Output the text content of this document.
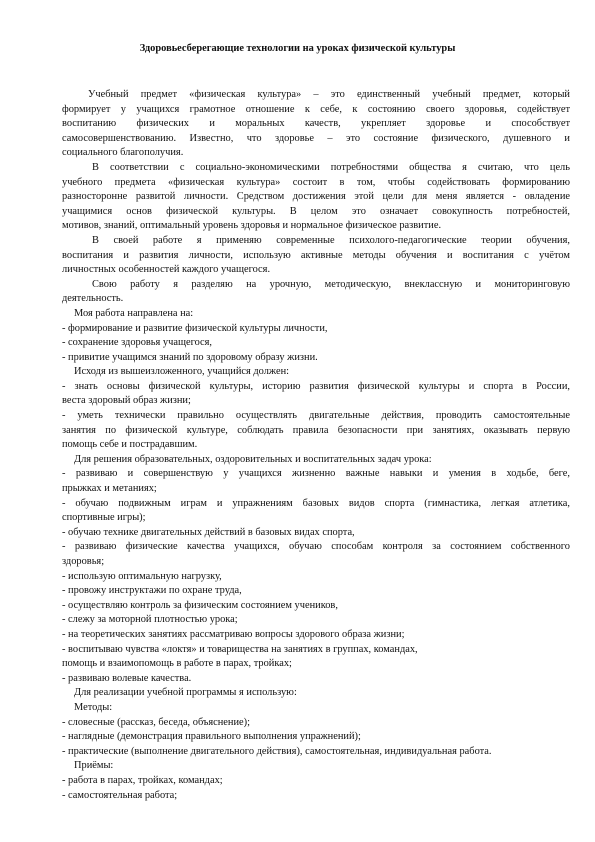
Здоровьесберегающие технологии на уроках физической культуры
Учебный предмет «физическая культура» – это единственный учебный предмет, который
формирует у учащихся грамотное отношение к себе, к состоянию своего здоровья, содействует
воспитанию физических и моральных качеств, укрепляет здоровье и способствует
самосовершенствованию. Известно, что здоровье – это состояние физического, душевного и
социального благополучия.
В соответствии с социально-экономическими потребностями общества я считаю, что цель
учебного предмета «физическая культура» состоит в том, чтобы содействовать формированию
разносторонне развитой личности. Средством достижения этой цели для меня является - овладение
учащимися основ физической культуры. В целом это означает совокупность потребностей,
мотивов, знаний, оптимальный уровень здоровья и нормальное физическое развитие.
В своей работе я применяю современные психолого-педагогические теории обучения,
воспитания и развития личности, использую активные методы обучения и воспитания с учётом
личностных особенностей каждого учащегося.
Свою работу я разделяю на урочную, методическую, внеклассную и мониторинговую
деятельность.
Моя работа направлена на:
- формирование и развитие физической культуры личности,
- сохранение здоровья учащегося,
- привитие учащимся знаний по здоровому образу жизни.
Исходя из вышеизложенного, учащийся должен:
- знать основы физической культуры, историю развития физической культуры и спорта в России,
веста здоровый образ жизни;
- уметь технически правильно осуществлять двигательные действия, проводить самостоятельные
занятия по физической культуре, соблюдать правила безопасности при занятиях, оказывать первую
помощь себе и пострадавшим.
Для решения образовательных, оздоровительных и воспитательных задач урока:
- развиваю и совершенствую у учащихся жизненно важные навыки и умения в ходьбе, беге,
прыжках и метаниях;
- обучаю подвижным играм и упражнениям базовых видов спорта (гимнастика, легкая атлетика,
спортивные игры);
- обучаю технике двигательных действий в базовых видах спорта,
- развиваю физические качества учащихся, обучаю способам контроля за состоянием собственного
здоровья;
- использую оптимальную нагрузку,
- провожу инструктажи по охране труда,
- осуществляю контроль за физическим состоянием учеников,
- слежу за моторной плотностью урока;
- на теоретических занятиях рассматриваю вопросы здорового образа жизни;
- воспитываю чувства «локтя» и товарищества на занятиях в группах, командах,
помощь и взаимопомощь в работе в парах, тройках;
- развиваю волевые качества.
Для реализации учебной программы я использую:
Методы:
- словесные (рассказ, беседа, объяснение);
- наглядные (демонстрация правильного выполнения упражнений);
- практические (выполнение двигательного действия), самостоятельная, индивидуальная работа.
Приёмы:
- работа в парах, тройках, командах;
- самостоятельная работа;
